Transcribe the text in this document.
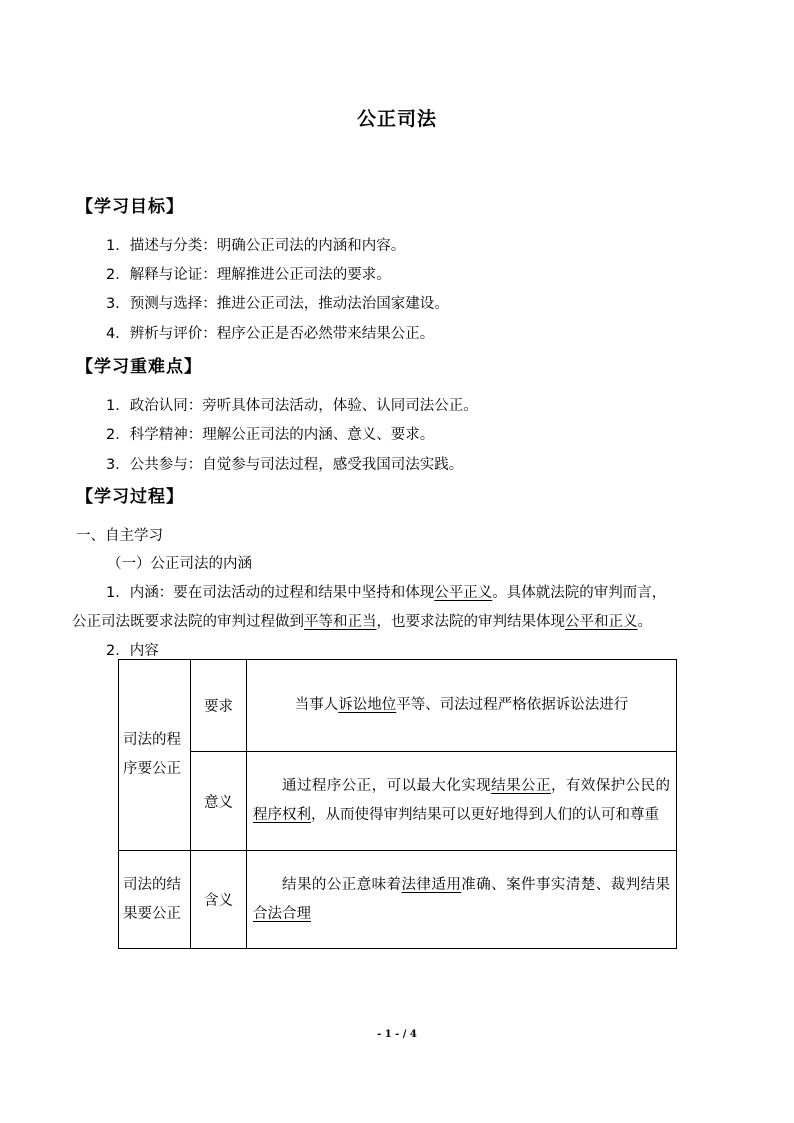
公正司法
【学习目标】
1．描述与分类：明确公正司法的内涵和内容。
2．解释与论证：理解推进公正司法的要求。
3．预测与选择：推进公正司法，推动法治国家建设。
4．辨析与评价：程序公正是否必然带来结果公正。
【学习重难点】
1．政治认同：旁听具体司法活动，体验、认同司法公正。
2．科学精神：理解公正司法的内涵、意义、要求。
3．公共参与：自觉参与司法过程，感受我国司法实践。
【学习过程】
一、自主学习
（一）公正司法的内涵
1．内涵：要在司法活动的过程和结果中坚持和体现公平正义。具体就法院的审判而言，
公正司法既要求法院的审判过程做到平等和正当，也要求法院的审判结果体现公平和正义。
2．内容
司法的程序要公正	要求	当事人诉讼地位平等、司法过程严格依据诉讼法进行
	意义	通过程序公正，可以最大化实现结果公正，有效保护公民的程序权利，从而使得审判结果可以更好地得到人们的认可和尊重
司法的结果要公正	含义	结果的公正意味着法律适用准确、案件事实清楚、裁判结果合法合理
- 1 - / 4
